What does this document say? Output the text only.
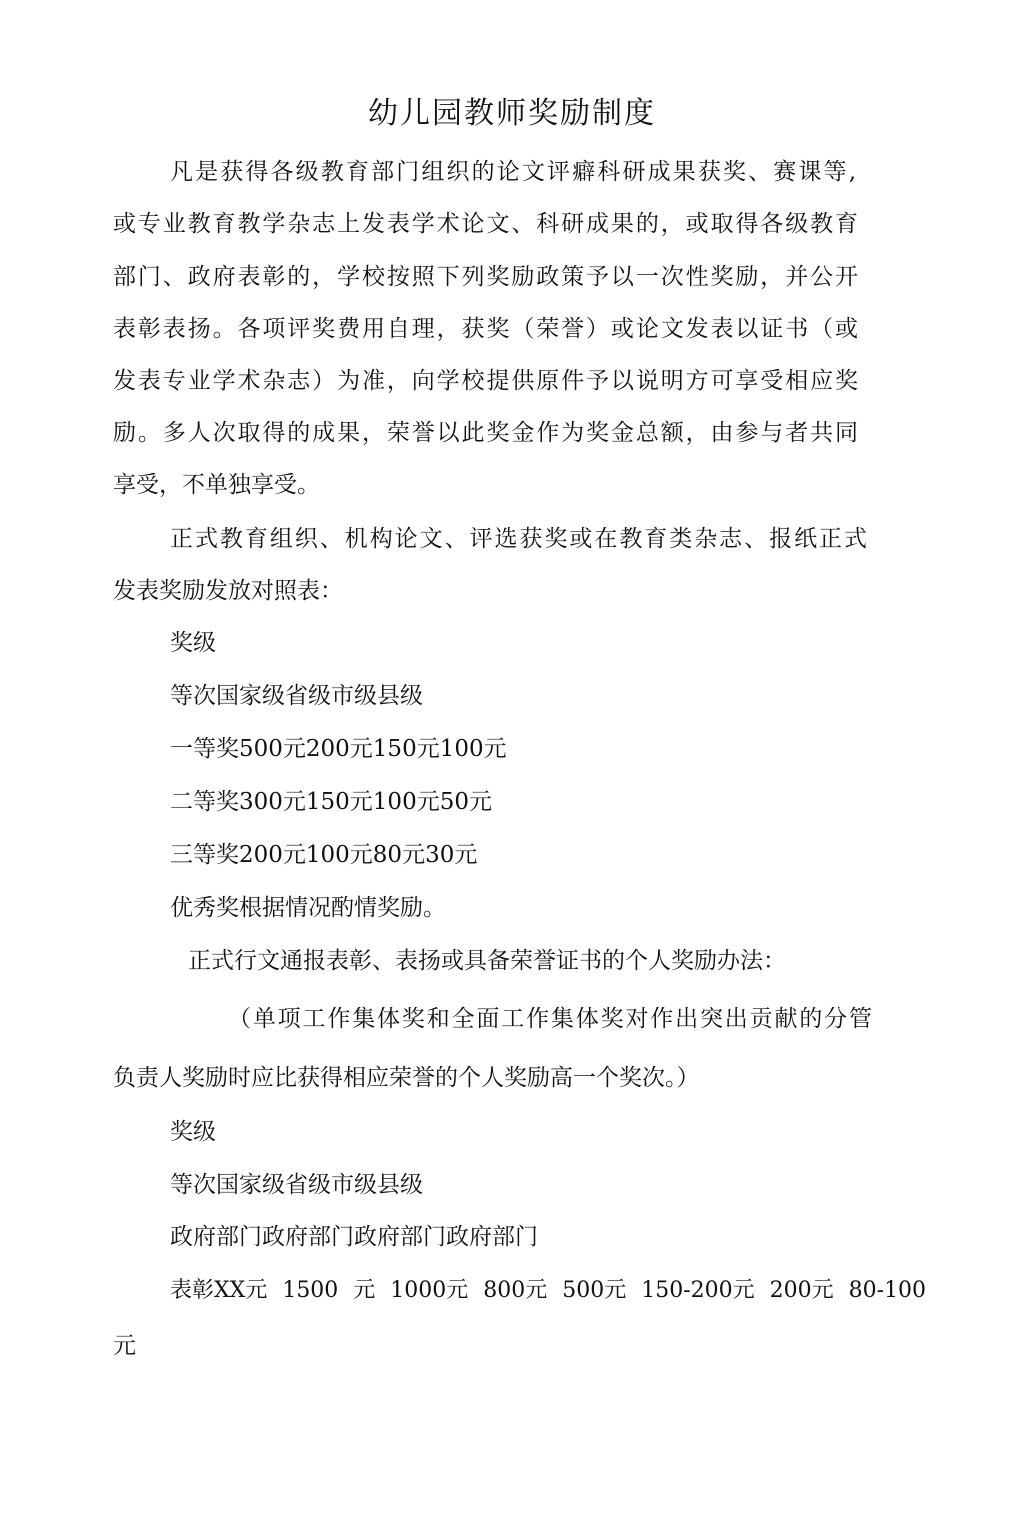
幼儿园教师奖励制度
凡是获得各级教育部门组织的论文评癖科研成果获奖、赛课等,
或专业教育教学杂志上发表学术论文、科研成果的，或取得各级教育
部门、政府表彰的，学校按照下列奖励政策予以一次性奖励，并公开
表彰表扬。各项评奖费用自理，获奖（荣誉）或论文发表以证书（或
发表专业学术杂志）为准，向学校提供原件予以说明方可享受相应奖
励。多人次取得的成果，荣誉以此奖金作为奖金总额，由参与者共同
享受，不单独享受。
正式教育组织、机构论文、评选获奖或在教育类杂志、报纸正式
发表奖励发放对照表：
奖级
等次国家级省级市级县级
一等奖500元200元150元100元
二等奖300元150元100元50元
三等奖200元100元80元30元
优秀奖根据情况酌情奖励。
正式行文通报表彰、表扬或具备荣誉证书的个人奖励办法：
（单项工作集体奖和全面工作集体奖对作出突出贡献的分管
负责人奖励时应比获得相应荣誉的个人奖励高一个奖次。）
奖级
等次国家级省级市级县级
政府部门政府部门政府部门政府部门
表彰XX元 1500 元 1000元 800元 500元 150-200元 200元 80-100
元
